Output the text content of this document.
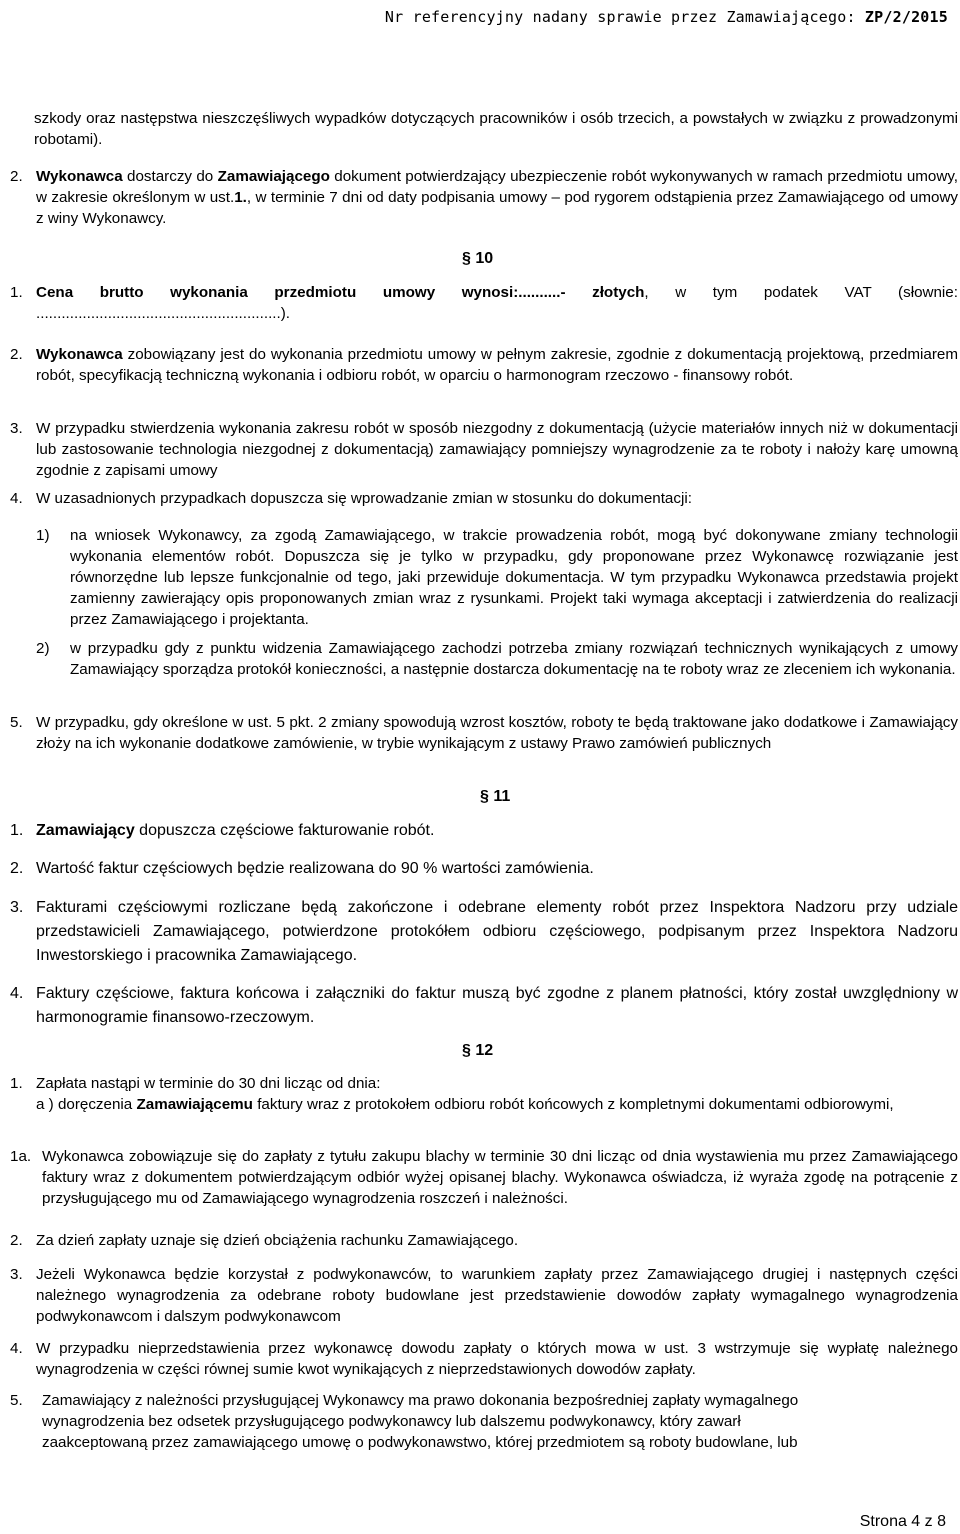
Nr referencyjny nadany sprawie przez Zamawiającego: ZP/2/2015
szkody oraz następstwa nieszczęśliwych wypadków dotyczących pracowników i osób trzecich, a powstałych w związku z prowadzonymi robotami).
2. Wykonawca dostarczy do Zamawiającego dokument potwierdzający ubezpieczenie robót wykonywanych w ramach przedmiotu umowy, w zakresie określonym w ust.1., w terminie 7 dni od daty podpisania umowy – pod rygorem odstąpienia przez Zamawiającego od umowy z winy Wykonawcy.
§ 10
1. Cena brutto wykonania przedmiotu umowy wynosi:..........- złotych, w tym podatek VAT (słownie: ..........................................................).
2. Wykonawca zobowiązany jest do wykonania przedmiotu umowy w pełnym zakresie, zgodnie z dokumentacją projektową, przedmiarem robót, specyfikacją techniczną wykonania i odbioru robót, w oparciu o harmonogram rzeczowo - finansowy robót.
3. W przypadku stwierdzenia wykonania zakresu robót w sposób niezgodny z dokumentacją (użycie materiałów innych niż w dokumentacji lub zastosowanie technologia niezgodnej z dokumentacją) zamawiający pomniejszy wynagrodzenie za te roboty i nałoży karę umowną zgodnie z zapisami umowy
4. W uzasadnionych przypadkach dopuszcza się wprowadzanie zmian w stosunku do dokumentacji:
1) na wniosek Wykonawcy, za zgodą Zamawiającego, w trakcie prowadzenia robót, mogą być dokonywane zmiany technologii wykonania elementów robót. Dopuszcza się je tylko w przypadku, gdy proponowane przez Wykonawcę rozwiązanie jest równorzędne lub lepsze funkcjonalnie od tego, jaki przewiduje dokumentacja. W tym przypadku Wykonawca przedstawia projekt zamienny zawierający opis proponowanych zmian wraz z rysunkami. Projekt taki wymaga akceptacji i zatwierdzenia do realizacji przez Zamawiającego i projektanta.
2) w przypadku gdy z punktu widzenia Zamawiającego zachodzi potrzeba zmiany rozwiązań technicznych wynikających z umowy Zamawiający sporządza protokół konieczności, a następnie dostarcza dokumentację na te roboty wraz ze zleceniem ich wykonania.
5. W przypadku, gdy określone w ust. 5 pkt. 2 zmiany spowodują wzrost kosztów, roboty te będą traktowane jako dodatkowe i Zamawiający złoży na ich wykonanie dodatkowe zamówienie, w trybie wynikającym z ustawy Prawo zamówień publicznych
§ 11
1. Zamawiający dopuszcza częściowe fakturowanie robót.
2. Wartość faktur częściowych będzie realizowana do 90 % wartości zamówienia.
3. Fakturami częściowymi rozliczane będą zakończone i odebrane elementy robót przez Inspektora Nadzoru przy udziale przedstawicieli Zamawiającego, potwierdzone protokółem odbioru częściowego, podpisanym przez Inspektora Nadzoru Inwestorskiego i pracownika Zamawiającego.
4. Faktury częściowe, faktura końcowa i załączniki do faktur muszą być zgodne z planem płatności, który został uwzględniony w harmonogramie finansowo-rzeczowym.
§ 12
1. Zapłata nastąpi w terminie do 30 dni licząc od dnia:
a ) doręczenia Zamawiającemu faktury wraz z protokołem odbioru robót końcowych z kompletnymi dokumentami odbiorowymi,
1a. Wykonawca zobowiązuje się do zapłaty z tytułu zakupu blachy w terminie 30 dni licząc od dnia wystawienia mu przez Zamawiającego faktury wraz z dokumentem potwierdzającym odbiór wyżej opisanej blachy. Wykonawca oświadcza, iż wyraża zgodę na potrącenie z przysługującego mu od Zamawiającego wynagrodzenia roszczeń i należności.
2. Za dzień zapłaty uznaje się dzień obciążenia rachunku Zamawiającego.
3. Jeżeli Wykonawca będzie korzystał z podwykonawców, to warunkiem zapłaty przez Zamawiającego drugiej i następnych części należnego wynagrodzenia za odebrane roboty budowlane jest przedstawienie dowodów zapłaty wymagalnego wynagrodzenia podwykonawcom i dalszym podwykonawcom
4. W przypadku nieprzedstawienia przez wykonawcę dowodu zapłaty o których mowa w ust. 3 wstrzymuje się wypłatę należnego wynagrodzenia w części równej sumie kwot wynikających z nieprzedstawionych dowodów zapłaty.
5. Zamawiający z należności przysługującej Wykonawcy ma prawo dokonania bezpośredniej zapłaty wymagalnego
wynagrodzenia bez odsetek przysługującego podwykonawcy lub dalszemu podwykonawcy, który zawarł
zaakceptowaną przez zamawiającego umowę o podwykonawstwo, której przedmiotem są roboty budowlane, lub
Strona 4 z 8
